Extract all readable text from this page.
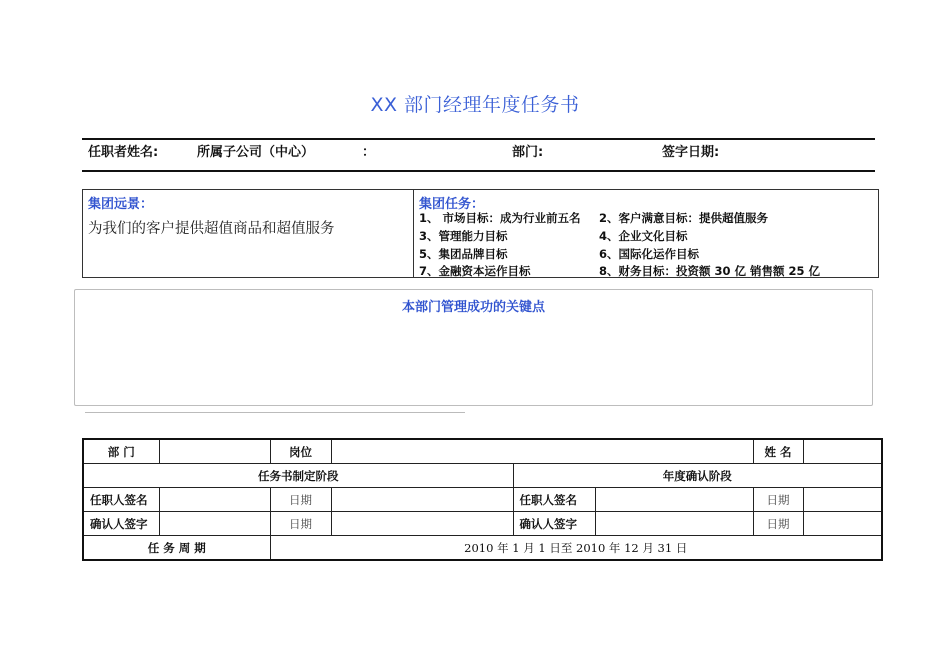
XX 部门经理年度任务书
任职者姓名:	所属子公司（中心）	：	部门:	签字日期:
集团远景：
为我们的客户提供超值商品和超值服务
集团任务：
1、 市场目标：成为行业前五名 2、客户满意目标：提供超值服务
3、管理能力目标	4、企业文化目标
5、集团品牌目标	6、国际化运作目标
7、金融资本运作目标	8、财务目标：投资额 30 亿 销售额 25 亿
本部门管理成功的关键点
部 门		岗位				姓 名	
任务书制定阶段				年度确认阶段			
任职人签名		日期		任职人签名		日期	
确认人签字		日期		确认人签字		日期	
任 务 周 期		2010 年 1 月 1 日至 2010 年 12 月 31 日					
